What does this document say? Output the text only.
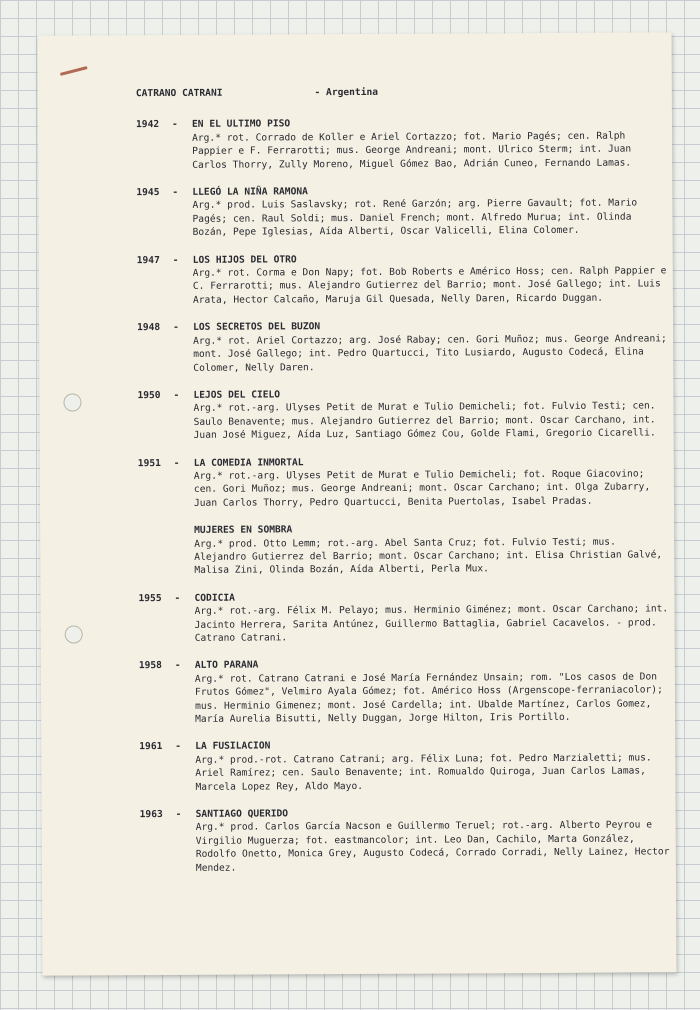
CATRANO CATRANI	- Argentina
1942	-	EN EL ULTIMO PISO
Arg.* rot. Corrado de Koller e Ariel Cortazzo; fot. Mario Pagés; cen. Ralph Pappier e F. Ferrarotti; mus. George Andreani; mont. Ulrico Sterm; int. Juan Carlos Thorry, Zully Moreno, Miguel Gómez Bao, Adrián Cuneo, Fernando Lamas.
1945	-	LLEGÓ LA NIÑA RAMONA
Arg.* prod. Luis Saslavsky; rot. René Garzón; arg. Pierre Gavault; fot. Mario Pagés; cen. Raul Soldi; mus. Daniel French; mont. Alfredo Murua; int. Olinda Bozán, Pepe Iglesias, Aída Alberti, Oscar Valicelli, Elina Colomer.
1947	-	LOS HIJOS DEL OTRO
Arg.* rot. Corma e Don Napy; fot. Bob Roberts e Américo Hoss; cen. Ralph Pappier e C. Ferrarotti; mus. Alejandro Gutierrez del Barrio; mont. José Gallego; int. Luis Arata, Hector Calcaño, Maruja Gil Quesada, Nelly Daren, Ricardo Duggan.
1948	-	LOS SECRETOS DEL BUZON
Arg.* rot. Ariel Cortazzo; arg. José Rabay; cen. Gori Muñoz; mus. George Andreani; mont. José Gallego; int. Pedro Quartucci, Tito Lusiardo, Augusto Codecá, Elina Colomer, Nelly Daren.
1950	-	LEJOS DEL CIELO
Arg.* rot.-arg. Ulyses Petit de Murat e Tulio Demicheli; fot. Fulvio Testi; cen. Saulo Benavente; mus. Alejandro Gutierrez del Barrio; mont. Oscar Carchano, int. Juan José Miguez, Aída Luz, Santiago Gómez Cou, Golde Flami, Gregorio Cicarelli.
1951	-	LA COMEDIA INMORTAL
Arg.* rot.-arg. Ulyses Petit de Murat e Tulio Demicheli; fot. Roque Giacovino; cen. Gori Muñoz; mus. George Andreani; mont. Oscar Carchano; int. Olga Zubarry, Juan Carlos Thorry, Pedro Quartucci, Benita Puertolas, Isabel Pradas.
MUJERES EN SOMBRA
Arg.* prod. Otto Lemm; rot.-arg. Abel Santa Cruz; fot. Fulvio Testi; mus. Alejandro Gutierrez del Barrio; mont. Oscar Carchano; int. Elisa Christian Galvé, Malisa Zini, Olinda Bozán, Aída Alberti, Perla Mux.
1955	-	CODICIA
Arg.* rot.-arg. Félix M. Pelayo; mus. Herminio Giménez; mont. Oscar Carchano; int. Jacinto Herrera, Sarita Antúnez, Guillermo Battaglia, Gabriel Cacavelos. - prod. Catrano Catrani.
1958	-	ALTO PARANA
Arg.* rot. Catrano Catrani e José María Fernández Unsain; rom. "Los casos de Don Frutos Gómez", Velmiro Ayala Gómez; fot. Américo Hoss (Argenscope-ferraniacolor); mus. Herminio Gimenez; mont. José Cardella; int. Ubalde Martínez, Carlos Gomez, María Aurelia Bisutti, Nelly Duggan, Jorge Hilton, Iris Portillo.
1961	-	LA FUSILACION
Arg.* prod.-rot. Catrano Catrani; arg. Félix Luna; fot. Pedro Marzialetti; mus. Ariel Ramírez; cen. Saulo Benavente; int. Romualdo Quiroga, Juan Carlos Lamas, Marcela Lopez Rey, Aldo Mayo.
1963	-	SANTIAGO QUERIDO
Arg.* prod. Carlos García Nacson e Guillermo Teruel; rot.-arg. Alberto Peyrou e Virgilio Muguerza; fot. eastmancolor; int. Leo Dan, Cachilo, Marta González, Rodolfo Onetto, Monica Grey, Augusto Codecá, Corrado Corradi, Nelly Lainez, Hector Mendez.
